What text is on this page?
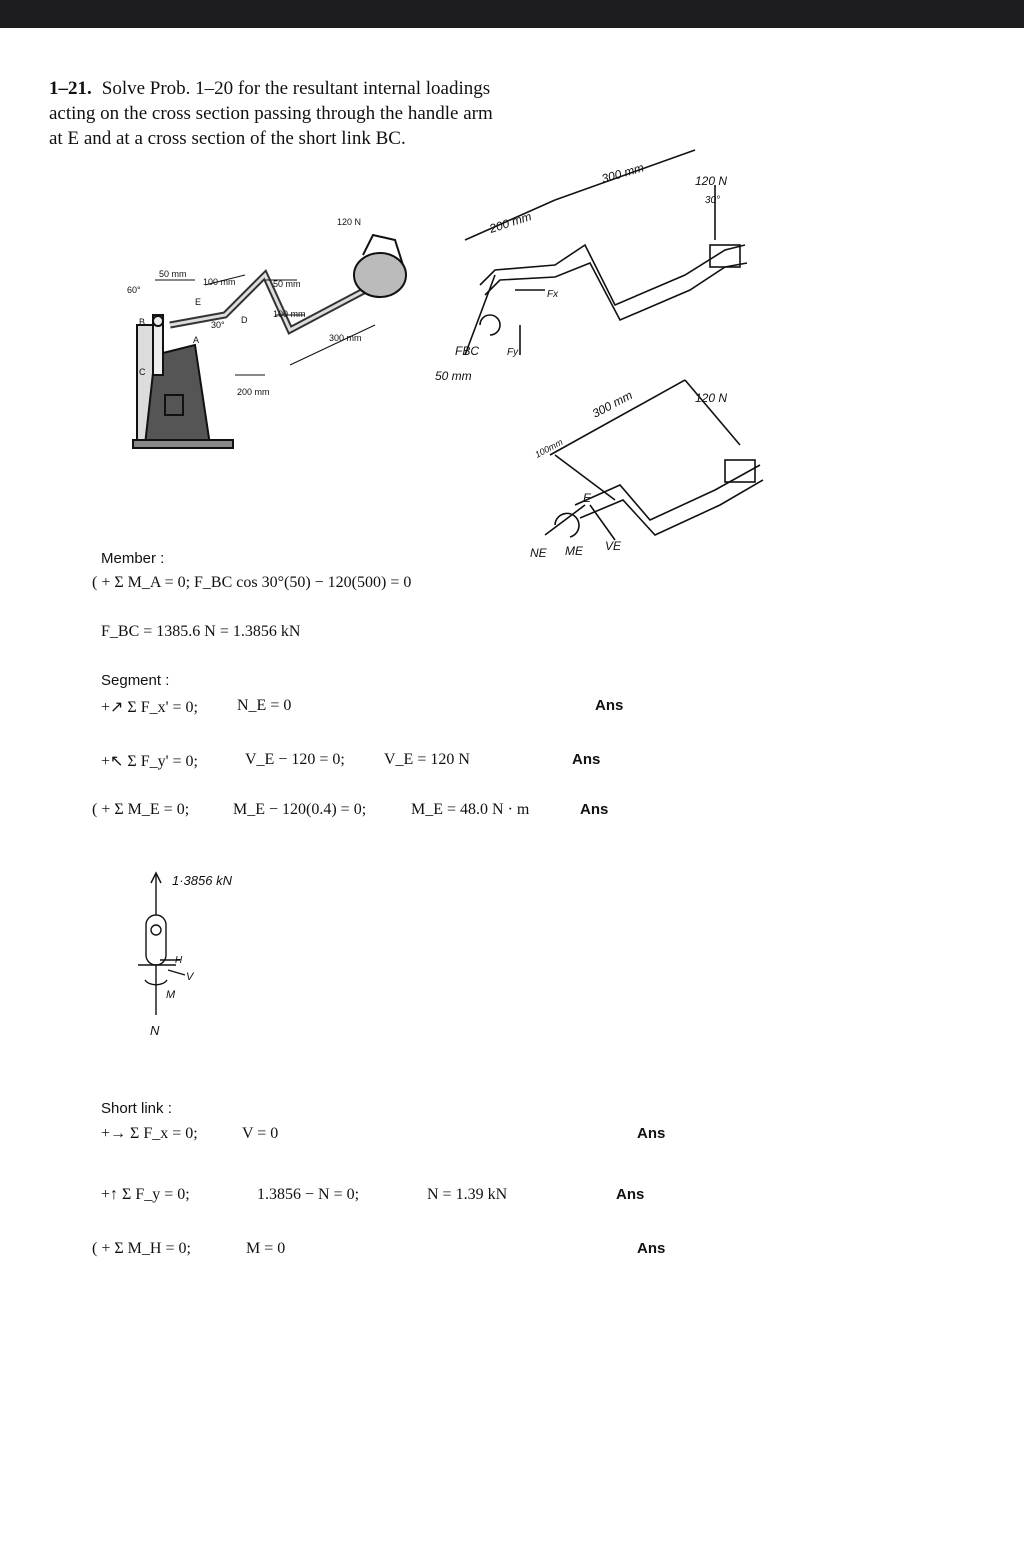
1–21. Solve Prob. 1–20 for the resultant internal loadings
acting on the cross section passing through the handle arm
at E and at a cross section of the short link BC.
120 N
50 mm
100 mm	50 mm
100 mm
60°
30°
300 mm
200 mm
B
C
D
E
A
300 mm
200 mm
120 N
30°
FBC
50 mm
Fx
Fy
300 mm
100mm
120 N
E
NE ME VE
Member :
( + Σ M_A = 0; F_BC cos 30°(50) − 120(500) = 0
F_BC = 1385.6 N = 1.3856 kN
Segment :
+↗ Σ F_x' = 0; N_E = 0	Ans
+↖ Σ F_y' = 0;	V_E − 120 = 0; V_E = 120 N	Ans
( + Σ M_E = 0;	M_E − 120(0.4) = 0;	M_E = 48.0 N · m	Ans
1·3856 kN
H
V
M
N
Short link :
+→ Σ F_x = 0;	V = 0	Ans
+↑ Σ F_y = 0;	1.3856 − N = 0;	N = 1.39 kN	Ans
( + Σ M_H = 0;	M = 0	Ans
